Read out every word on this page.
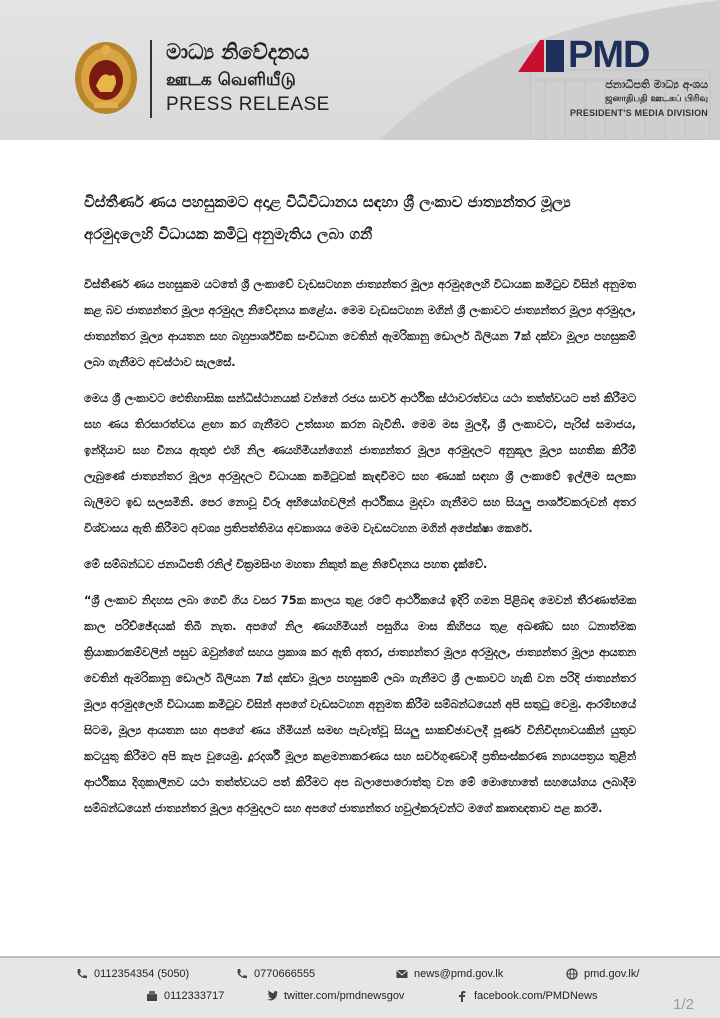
මාධ්‍ය නිවේදනය
ஊடக வெளியீடு
PRESS RELEASE
PMD
ජනාධිපති මාධ්‍ය අංශය
ஜனாதிபதி ஊடகப் பிரிவு
PRESIDENT'S MEDIA DIVISION

විස්තීර්ණ ණය පහසුකමට අදාළ විධිවිධානය සඳහා ශ්‍රී ලංකාව ජාත්‍යන්තර මූල්‍ය අරමුදලෙහි විධායක කමිටු අනුමැතිය ලබා ගනී

විස්තීර්ණ ණය පහසුකම යටතේ ශ්‍රී ලංකාවේ වැඩසටහන ජාත්‍යන්තර මූල්‍ය අරමුදලෙහි විධායක කමිටුව විසින් අනුමත කළ බව ජාත්‍යන්තර මූල්‍ය අරමුදල නිවේදනය කළේය. මෙම වැඩසටහන මගින් ශ්‍රී ලංකාවට ජාත්‍යන්තර මූල්‍ය අරමුදල, ජාත්‍යන්තර මූල්‍ය ආයතන සහ බහුපාර්ශ්වීක සංවිධාන වෙතින් ඇමරිකානු ඩොලර් බිලියන 7ක් දක්වා මූල්‍ය පහසුකම් ලබා ගැනීමට අවස්ථාව සැලසේ.

මෙය ශ්‍රී ලංකාවට ඓතිහාසික සන්ධිස්ථානයක් වන්නේ රජය සාර්ව ආර්ථික ස්ථාවරත්වය යථා තත්ත්වයට පත් කිරීමට සහ ණය තිරසාරත්වය ළඟා කර ගැනීමට උත්සාහ කරන බැවිනි. මෙම මස මුලදී, ශ්‍රී ලංකාවට, පැරිස් සමාජය, ඉන්දියාව සහ චීනය ඇතුළු එහි නිල ණයහිමියන්ගෙන් ජාත්‍යන්තර මූල්‍ය අරමුදලට අනුකූල මූල්‍ය සහතික කිරීම් ලැබුණේ ජාත්‍යන්තර මූල්‍ය අරමුදලට විධායක කමිටුවක් කැඳවීමට සහ ණයක් සඳහා ශ්‍රී ලංකාවේ ඉල්ලීම සලකා බැලීමට ඉඩ සලසමිනි. පෙර නොවූ විරූ අභියෝගවලින් ආර්ථිකය මුදවා ගැනීමට සහ සියලු පාර්ශ්වකරුවන් අතර විශ්වාසය ඇති කිරීමට අවශ්‍ය ප්‍රතිපත්තිමය අවකාශය මෙම වැඩසටහන මගින් අපේක්ෂා කෙරේ.

මේ සම්බන්ධව ජනාධිපති රනිල් වික්‍රමසිංහ මහතා නිකුත් කළ නිවේදනය පහත දැක්වේ.

“ශ්‍රී ලංකාව නිදහස ලබා ගෙවී ගිය වසර 75ක කාලය තුළ රටේ ආර්ථිකයේ ඉදිරි ගමන පිළිබඳ මෙවන් තීරණාත්මක කාල පරිච්ඡේදයක් තිබී නැත. අපගේ නිල ණයහිමියන් පසුගිය මාස කිහිපය තුළ අඛණ්ඩ සහ ධනාත්මක ක්‍රියාකාරකම්වලින් පසුව ඔවුන්ගේ සහය ප්‍රකාශ කර ඇති අතර, ජාත්‍යන්තර මූල්‍ය අරමුදල, ජාත්‍යන්තර මූල්‍ය ආයතන වෙතින් ඇමරිකානු ඩොලර් බිලියන 7ක් දක්වා මූල්‍ය පහසුකම් ලබා ගැනීමට ශ්‍රී ලංකාවට හැකි වන පරිදි ජාත්‍යන්තර මූල්‍ය අරමුදලෙහි විධායක කමිටුව විසින් අපගේ වැඩසටහන අනුමත කිරීම සම්බන්ධයෙන් අපි සතුටු වෙමු. ආරම්භයේ සිටම, මූල්‍ය ආයතන සහ අපගේ ණය හිමියන් සමඟ පැවැත්වූ සියලු සාකච්ඡාවලදී පූර්ණ විනිවිදභාවයකින් යුතුව කටයුතු කිරීමට අපි කැප වූයෙමු. දූරදර්ශී මූල්‍ය කළමනාකරණය සහ සර්වගුණවාදී ප්‍රතිසංස්කරණ න්‍යායපත්‍රය තුළින් ආර්ථිකය දිගුකාලීනව යථා තත්ත්වයට පත් කිරීමට අප බලාපොරොත්තු වන මේ මොහොතේ සහයෝගය ලබාදීම සම්බන්ධයෙන් ජාත්‍යන්තර මූල්‍ය අරමුදලට සහ අපගේ ජාත්‍යන්තර හවුල්කරුවන්ට මගේ කෘතඥතාව පළ කරමි.

0112354354 (5050)	0770666555	news@pmd.gov.lk	pmd.gov.lk/
0112333717	twitter.com/pmdnewsgov	facebook.com/PMDNews	1/2
